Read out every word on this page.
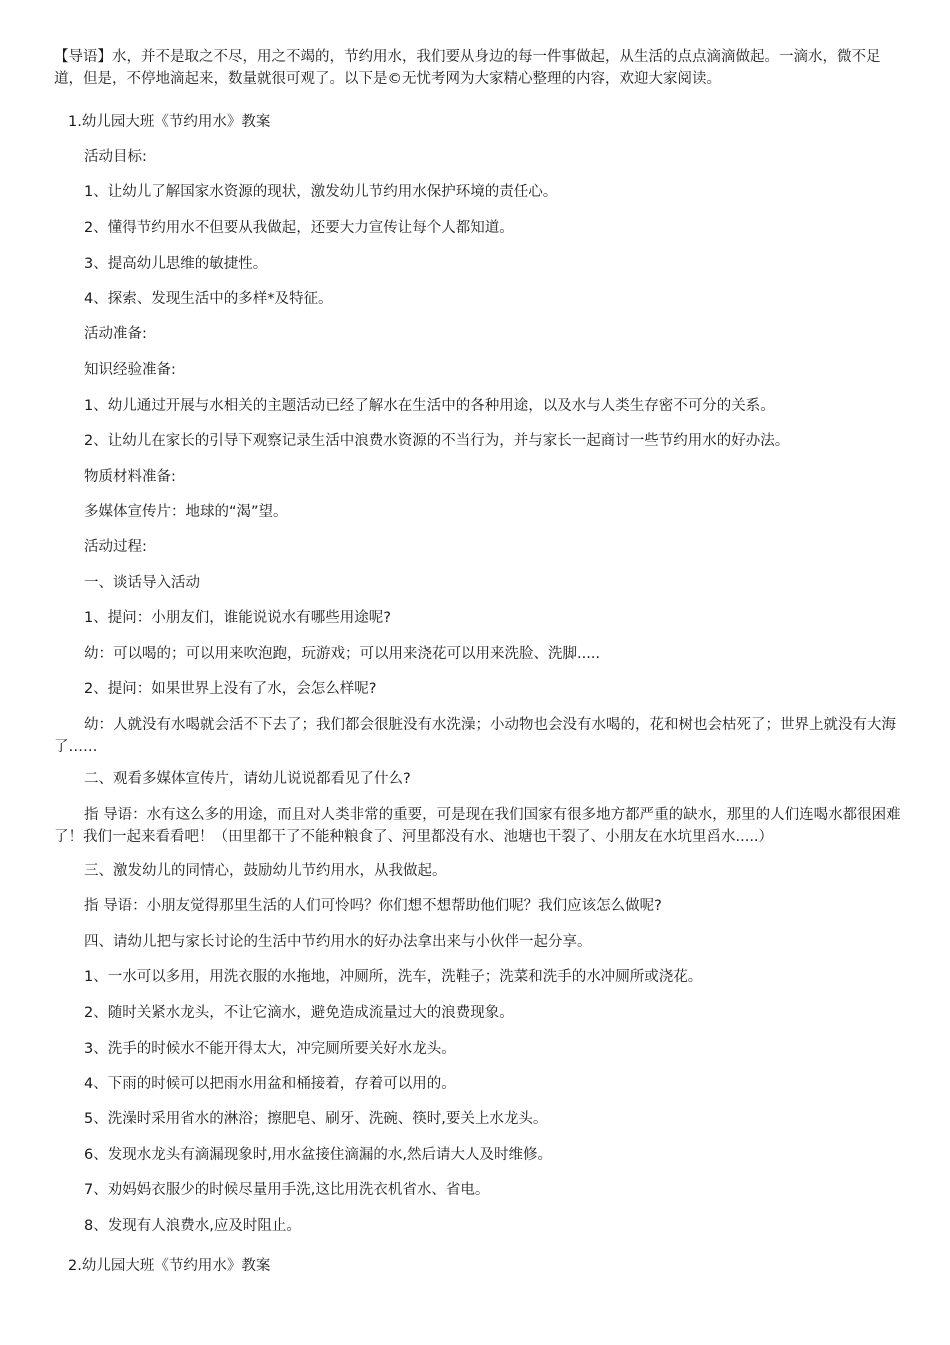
【导语】水，并不是取之不尽，用之不竭的，节约用水，我们要从身边的每一件事做起，从生活的点点滴滴做起。一滴水，微不足道，但是，不停地滴起来，数量就很可观了。以下是©无忧考网为大家精心整理的内容，欢迎大家阅读。

1.幼儿园大班《节约用水》教案

活动目标:

1、让幼儿了解国家水资源的现状，激发幼儿节约用水保护环境的责任心。

2、懂得节约用水不但要从我做起，还要大力宣传让每个人都知道。

3、提高幼儿思维的敏捷性。

4、探索、发现生活中的多样*及特征。

活动准备:

知识经验准备:

1、幼儿通过开展与水相关的主题活动已经了解水在生活中的各种用途，以及水与人类生存密不可分的关系。

2、让幼儿在家长的引导下观察记录生活中浪费水资源的不当行为，并与家长一起商讨一些节约用水的好办法。

物质材料准备:

多媒体宣传片：地球的“渴”望。

活动过程:

一、谈话导入活动

1、提问：小朋友们，谁能说说水有哪些用途呢?

幼：可以喝的；可以用来吹泡跑，玩游戏；可以用来浇花可以用来洗脸、洗脚.....

2、提问：如果世界上没有了水，会怎么样呢?

幼：人就没有水喝就会活不下去了；我们都会很脏没有水洗澡；小动物也会没有水喝的，花和树也会枯死了；世界上就没有大海了……

二、观看多媒体宣传片，请幼儿说说都看见了什么?

指 导语：水有这么多的用途，而且对人类非常的重要，可是现在我们国家有很多地方都严重的缺水，那里的人们连喝水都很困难了！我们一起来看看吧！（田里都干了不能种粮食了、河里都没有水、池塘也干裂了、小朋友在水坑里舀水.....）

三、激发幼儿的同情心，鼓励幼儿节约用水，从我做起。

指 导语：小朋友觉得那里生活的人们可怜吗？你们想不想帮助他们呢？我们应该怎么做呢?

四、请幼儿把与家长讨论的生活中节约用水的好办法拿出来与小伙伴一起分享。

1、一水可以多用，用洗衣服的水拖地，冲厕所，洗车，洗鞋子；洗菜和洗手的水冲厕所或浇花。

2、随时关紧水龙头，不让它滴水，避免造成流量过大的浪费现象。

3、洗手的时候水不能开得太大，冲完厕所要关好水龙头。

4、下雨的时候可以把雨水用盆和桶接着，存着可以用的。

5、洗澡时采用省水的淋浴；擦肥皂、刷牙、洗碗、筷时,要关上水龙头。

6、发现水龙头有滴漏现象时,用水盆接住滴漏的水,然后请大人及时维修。

7、劝妈妈衣服少的时候尽量用手洗,这比用洗衣机省水、省电。

8、发现有人浪费水,应及时阻止。

2.幼儿园大班《节约用水》教案
